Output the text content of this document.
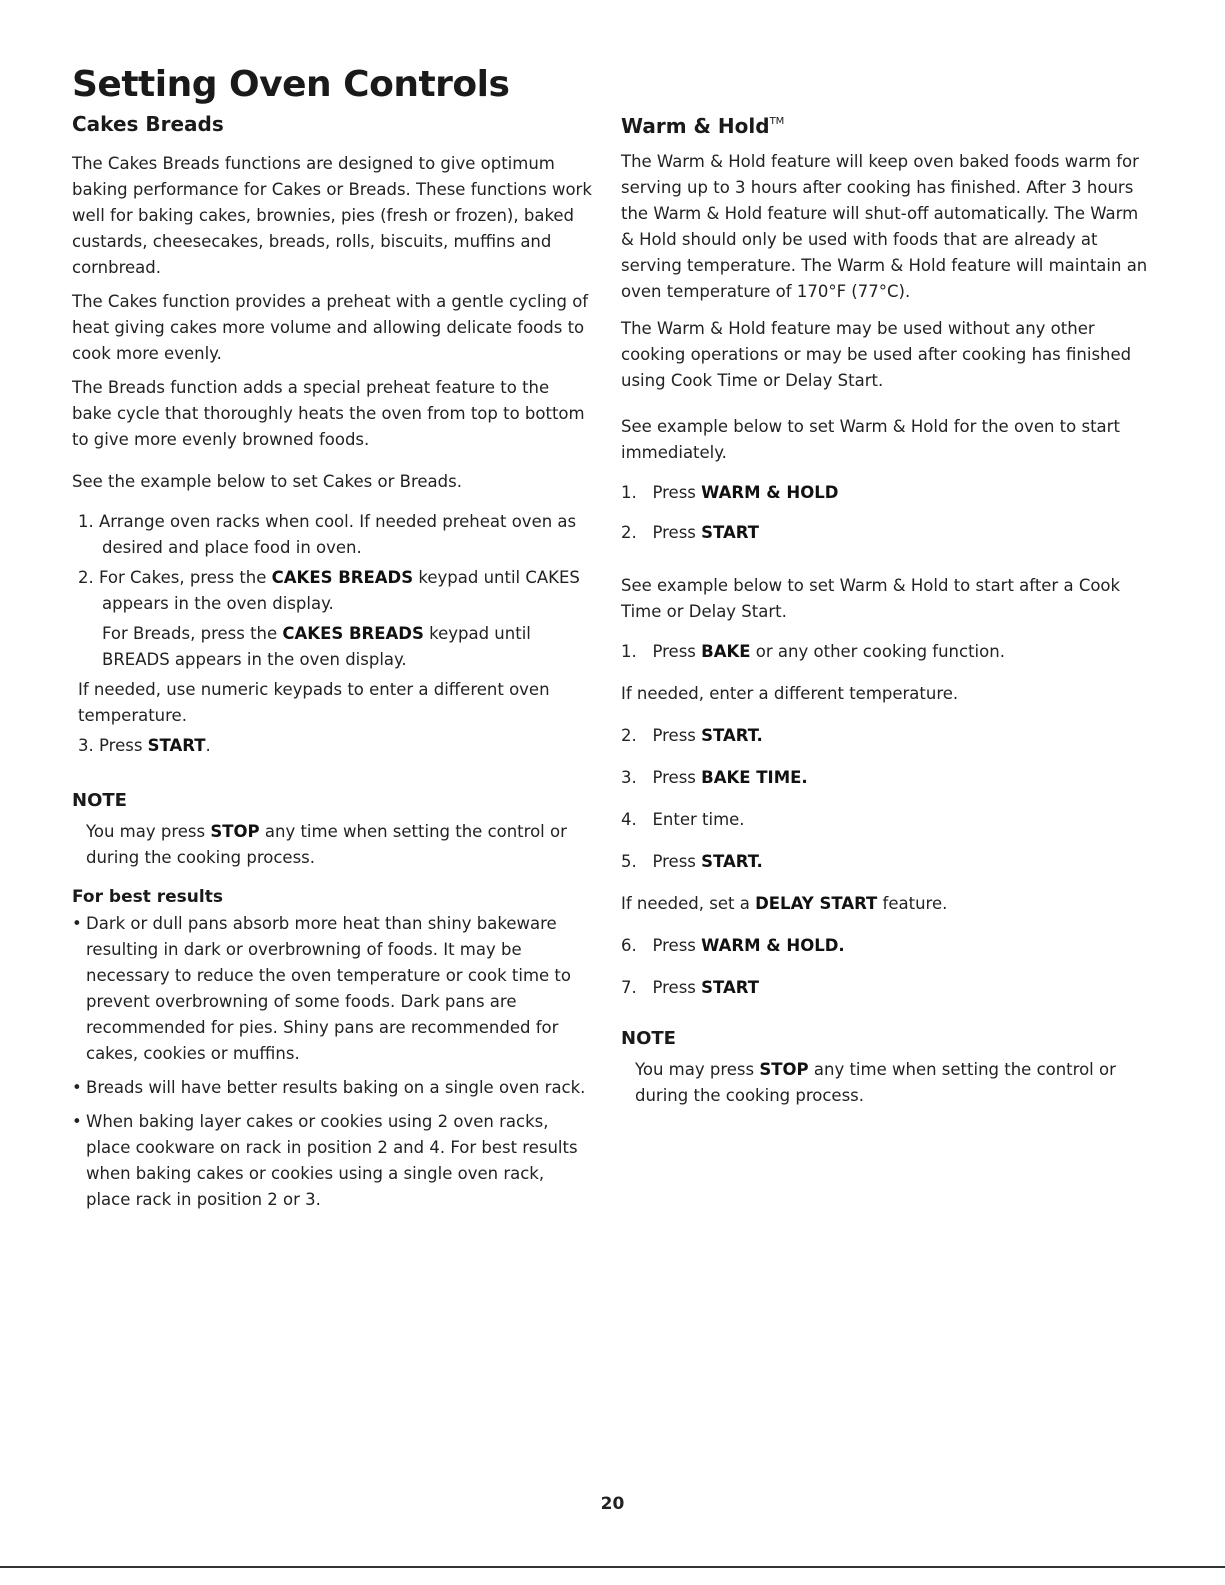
Setting Oven Controls
Cakes Breads

The Cakes Breads functions are designed to give optimum baking performance for Cakes or Breads. These functions work well for baking cakes, brownies, pies (fresh or frozen), baked custards, cheesecakes, breads, rolls, biscuits, muffins and cornbread.

The Cakes function provides a preheat with a gentle cycling of heat giving cakes more volume and allowing delicate foods to cook more evenly.

The Breads function adds a special preheat feature to the bake cycle that thoroughly heats the oven from top to bottom to give more evenly browned foods.

See the example below to set Cakes or Breads.

1. Arrange oven racks when cool. If needed preheat oven as desired and place food in oven.
2. For Cakes, press the CAKES BREADS keypad until CAKES appears in the oven display.
For Breads, press the CAKES BREADS keypad until BREADS appears in the oven display.

If needed, use numeric keypads to enter a different oven temperature.

3. Press START.

NOTE

You may press STOP any time when setting the control or during the cooking process.

For best results
• Dark or dull pans absorb more heat than shiny bakeware resulting in dark or overbrowning of foods. It may be necessary to reduce the oven temperature or cook time to prevent overbrowning of some foods. Dark pans are recommended for pies. Shiny pans are recommended for cakes, cookies or muffins.
• Breads will have better results baking on a single oven rack.
• When baking layer cakes or cookies using 2 oven racks, place cookware on rack in position 2 and 4. For best results when baking cakes or cookies using a single oven rack, place rack in position 2 or 3.
Warm & Hold™

The Warm & Hold feature will keep oven baked foods warm for serving up to 3 hours after cooking has finished. After 3 hours the Warm & Hold feature will shut-off automatically. The Warm & Hold should only be used with foods that are already at serving temperature. The Warm & Hold feature will maintain an oven temperature of 170°F (77°C).

The Warm & Hold feature may be used without any other cooking operations or may be used after cooking has finished using Cook Time or Delay Start.

See example below to set Warm & Hold for the oven to start immediately.

1.   Press WARM & HOLD

2.   Press START

See example below to set Warm & Hold to start after a Cook Time or Delay Start.

1.   Press BAKE or any other cooking function.

If needed, enter a different temperature.

2.   Press START.

3.   Press BAKE TIME.

4.   Enter time.

5.   Press START.

If needed, set a DELAY START feature.

6.   Press WARM & HOLD.

7.   Press START

NOTE

You may press STOP any time when setting the control or during the cooking process.

20
